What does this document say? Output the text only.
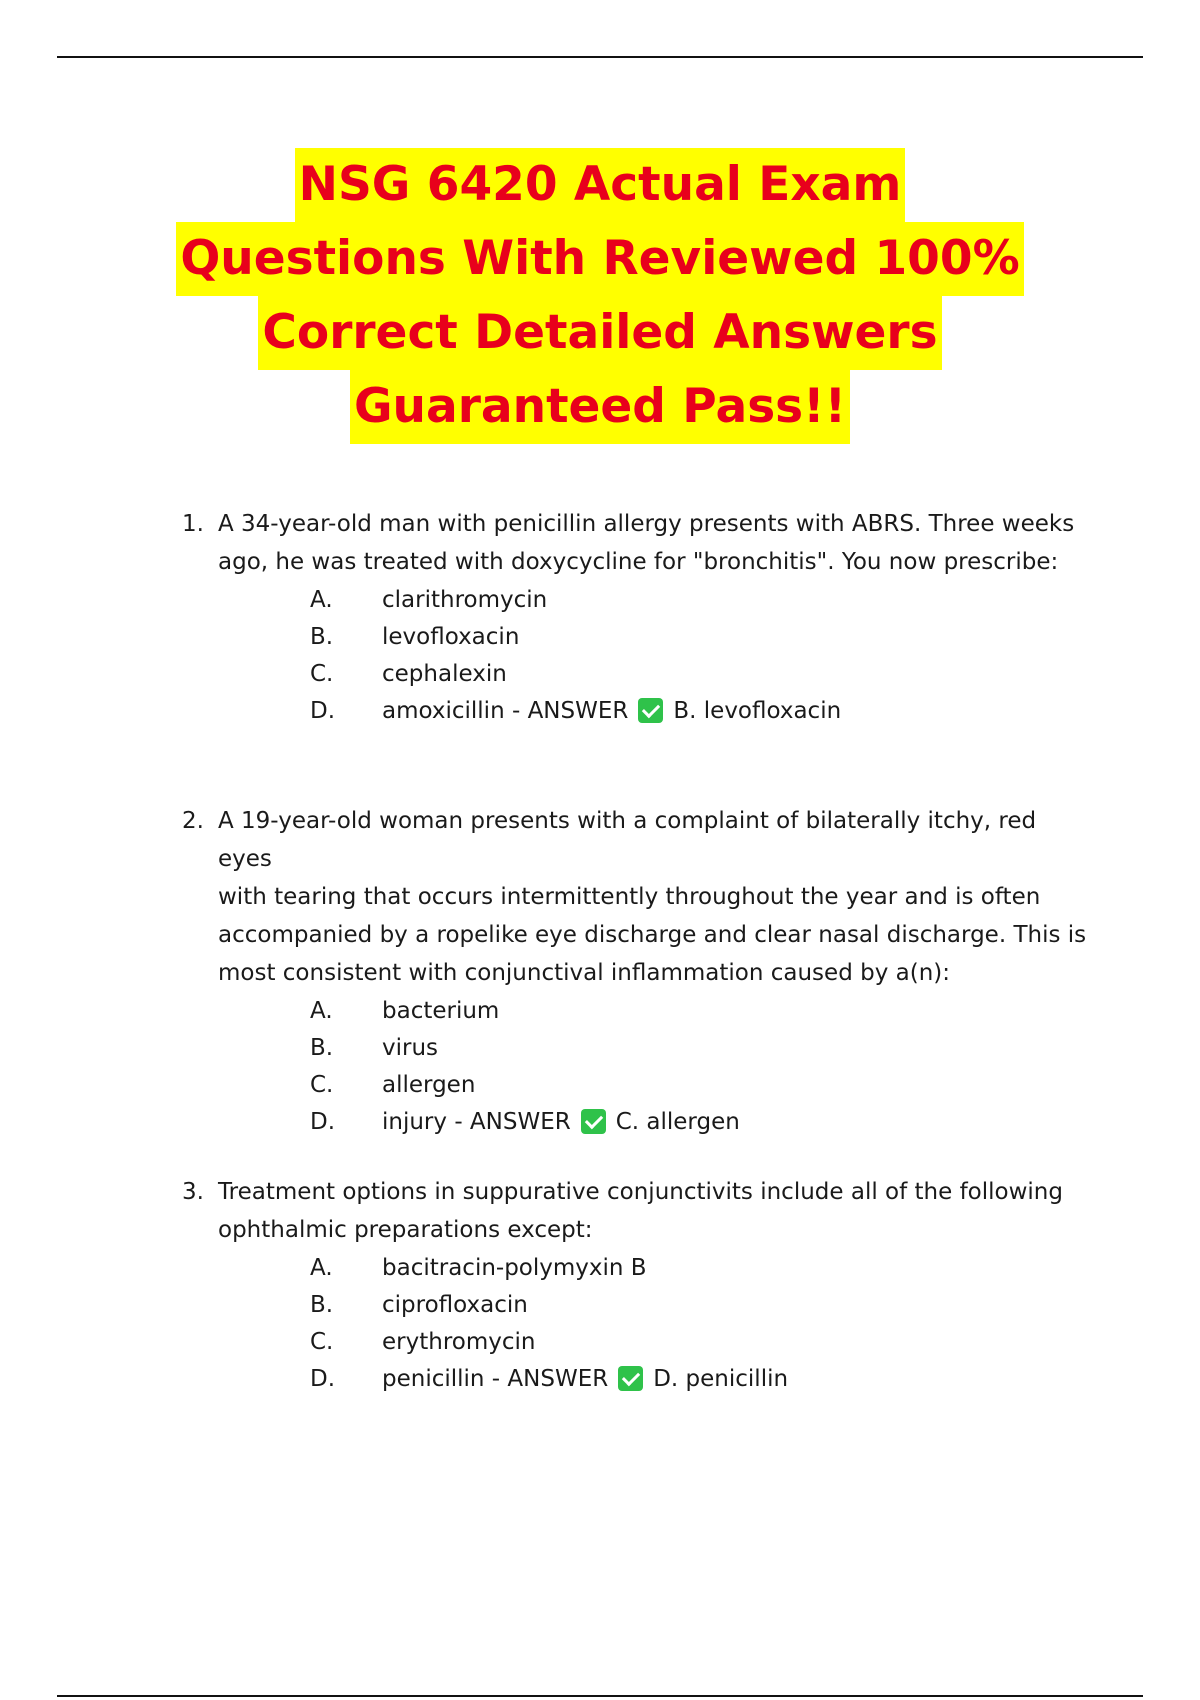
NSG 6420 Actual Exam
Questions With Reviewed 100%
Correct Detailed Answers
Guaranteed Pass!!
1. A 34-year-old man with penicillin allergy presents with ABRS. Three weeks
ago, he was treated with doxycycline for "bronchitis". You now prescribe:
A.	clarithromycin
B.	levofloxacin
C.	cephalexin
D.	amoxicillin - ANSWER B. levofloxacin
2. A 19-year-old woman presents with a complaint of bilaterally itchy, red eyes
with tearing that occurs intermittently throughout the year and is often
accompanied by a ropelike eye discharge and clear nasal discharge. This is
most consistent with conjunctival inflammation caused by a(n):
A.	bacterium
B.	virus
C.	allergen
D.	injury - ANSWER C. allergen
3. Treatment options in suppurative conjunctivits include all of the following
ophthalmic preparations except:
A.	bacitracin-polymyxin B
B.	ciprofloxacin
C.	erythromycin
D.	penicillin - ANSWER D. penicillin
